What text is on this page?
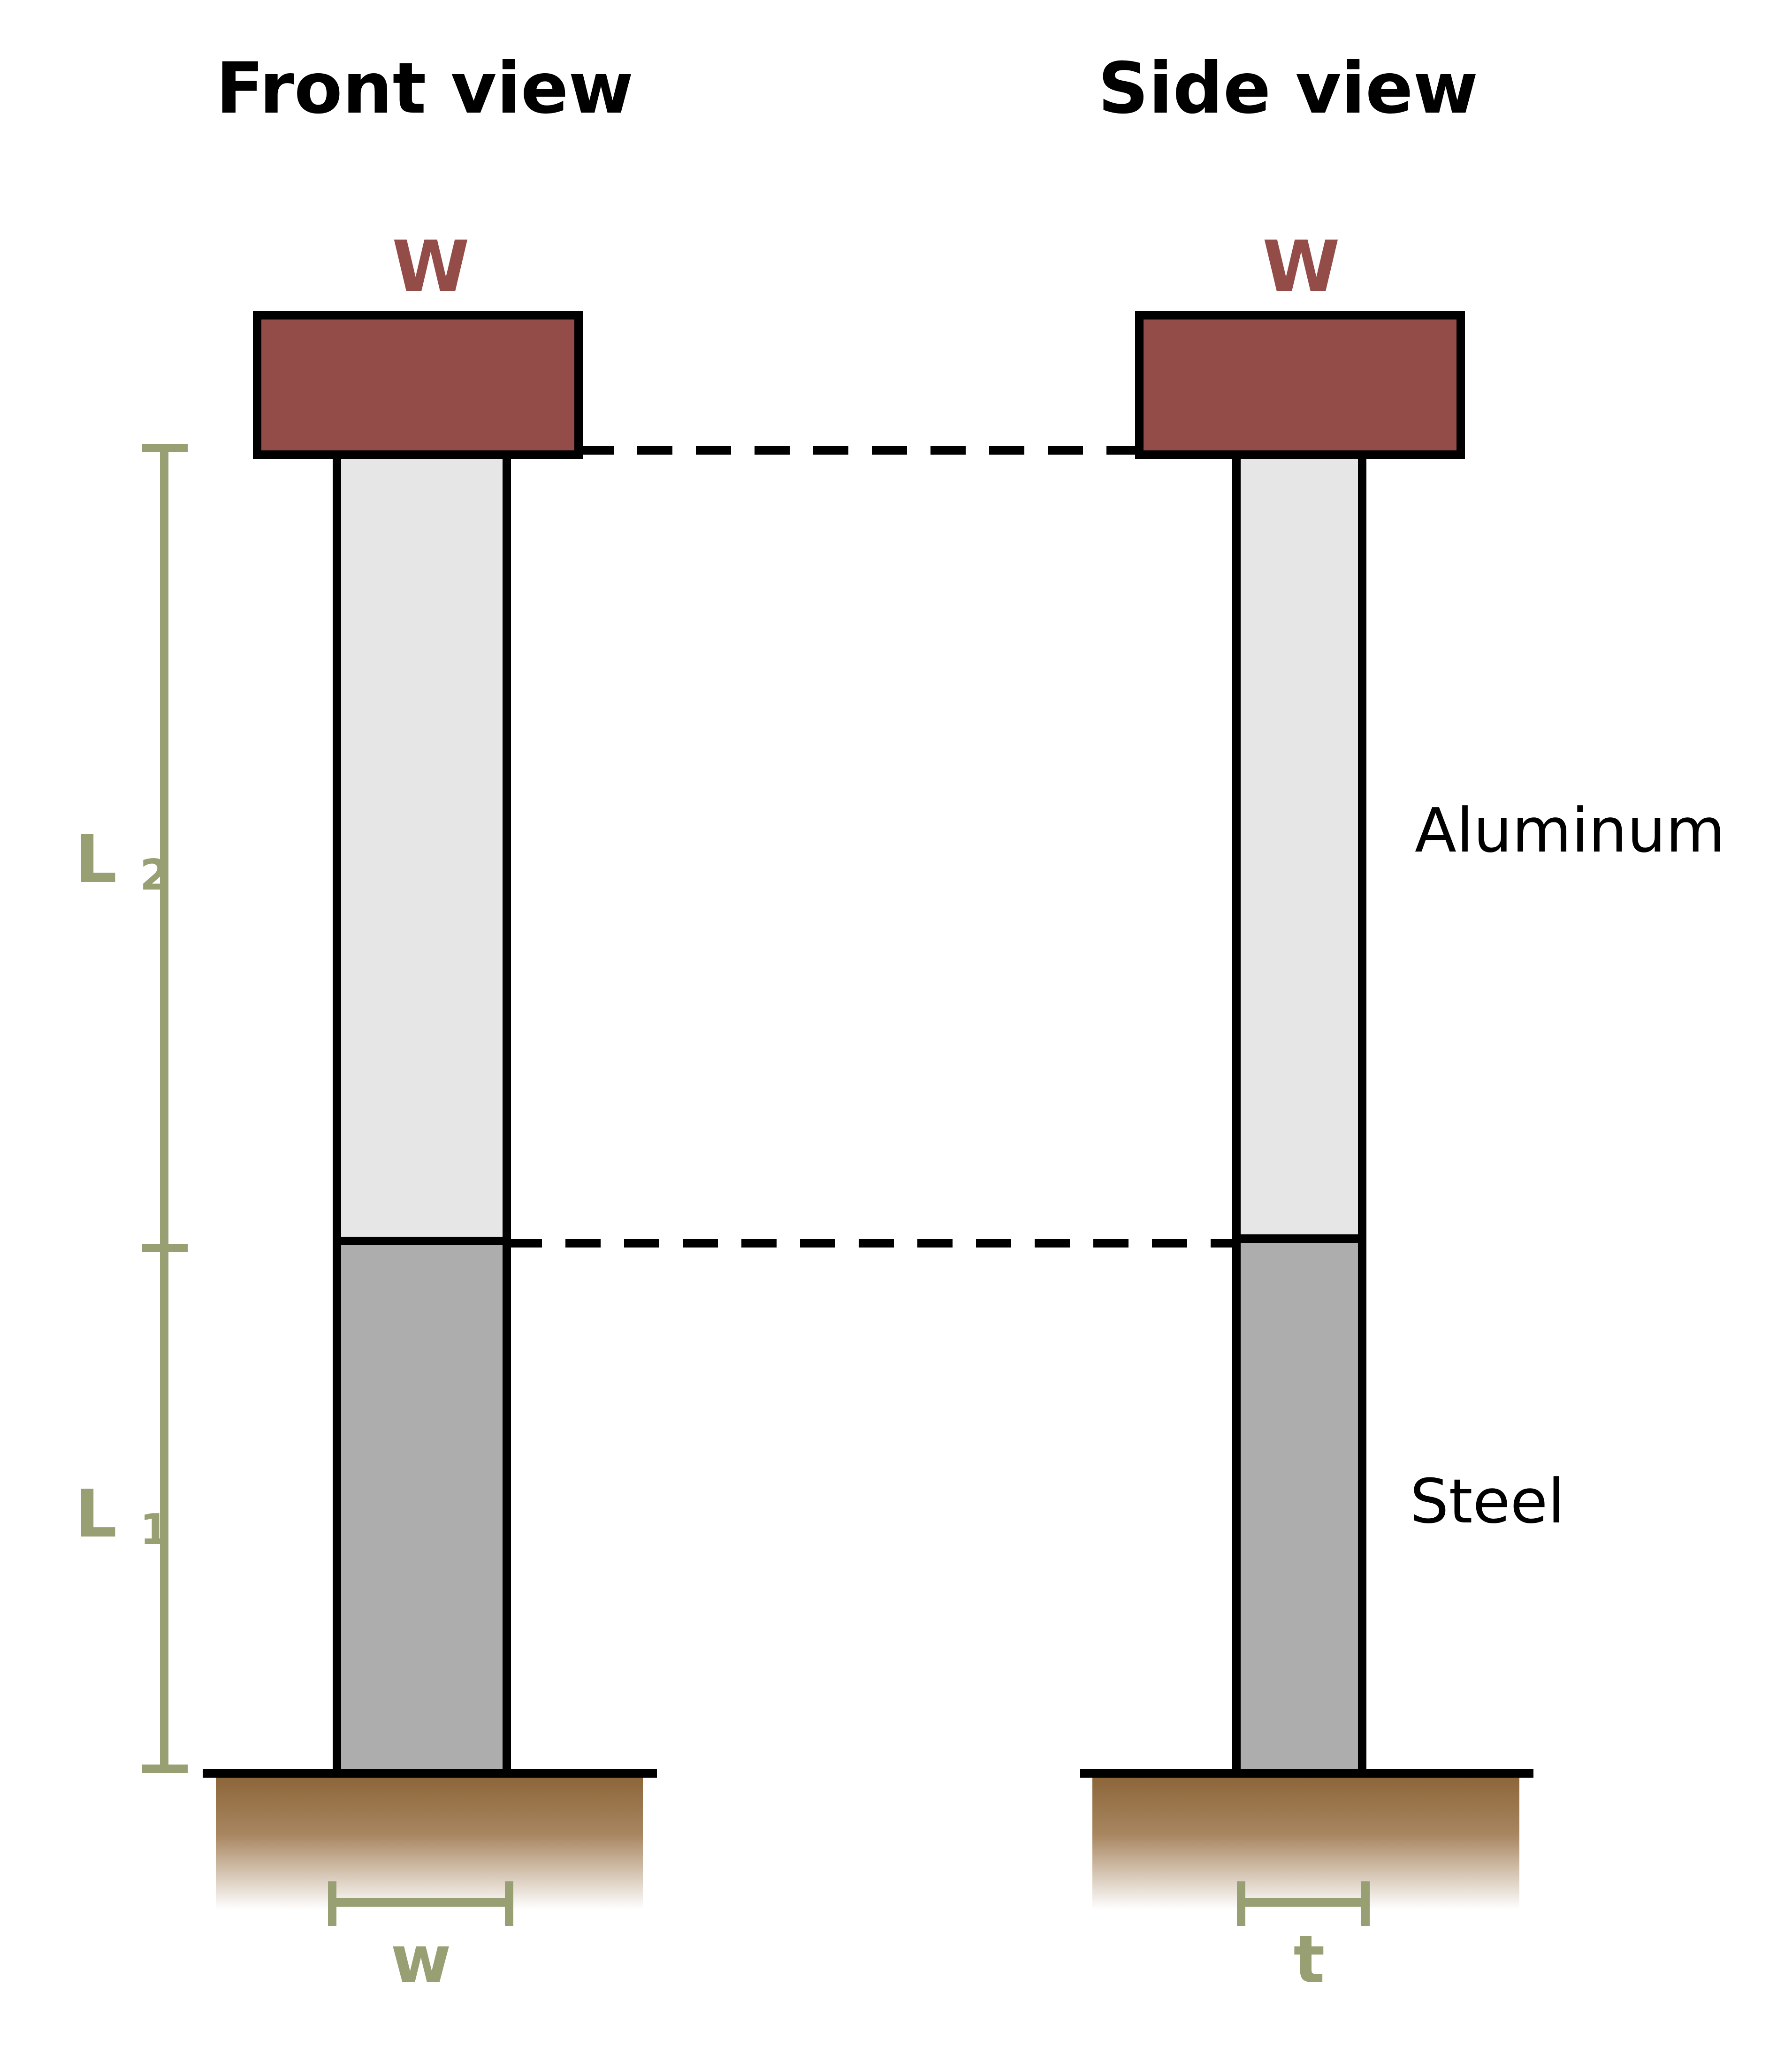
Front view	Side view
W	W
L 2
L 1
w	t
Aluminum
Steel
